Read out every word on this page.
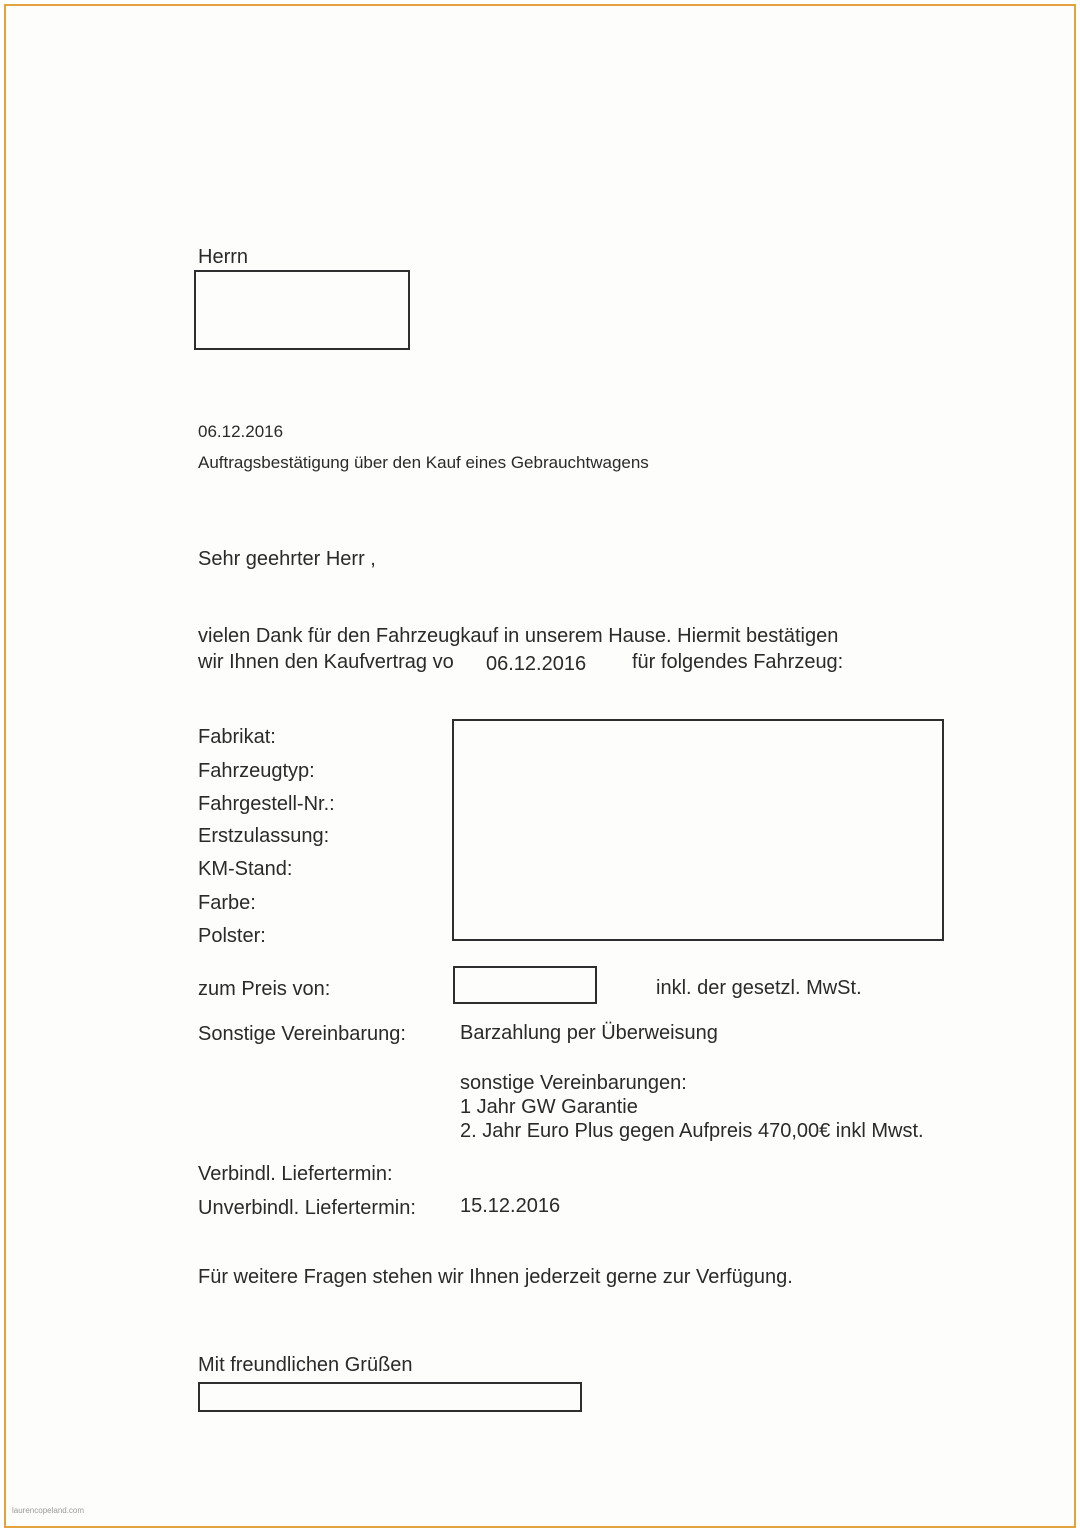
Herrn
06.12.2016
Auftragsbestätigung über den Kauf eines Gebrauchtwagens
Sehr geehrter Herr ,
vielen Dank für den Fahrzeugkauf in unserem Hause. Hiermit bestätigen
wir Ihnen den Kaufvertrag vo 06.12.2016 für folgendes Fahrzeug:
Fabrikat:
Fahrzeugtyp:
Fahrgestell-Nr.:
Erstzulassung:
KM-Stand:
Farbe:
Polster:
zum Preis von:	inkl. der gesetzl. MwSt.
Sonstige Vereinbarung:	Barzahlung per Überweisung
sonstige Vereinbarungen:
1 Jahr GW Garantie
2. Jahr Euro Plus gegen Aufpreis 470,00€ inkl Mwst.
Verbindl. Liefertermin:
Unverbindl. Liefertermin: 15.12.2016
Für weitere Fragen stehen wir Ihnen jederzeit gerne zur Verfügung.
Mit freundlichen Grüßen
laurencopeland.com
